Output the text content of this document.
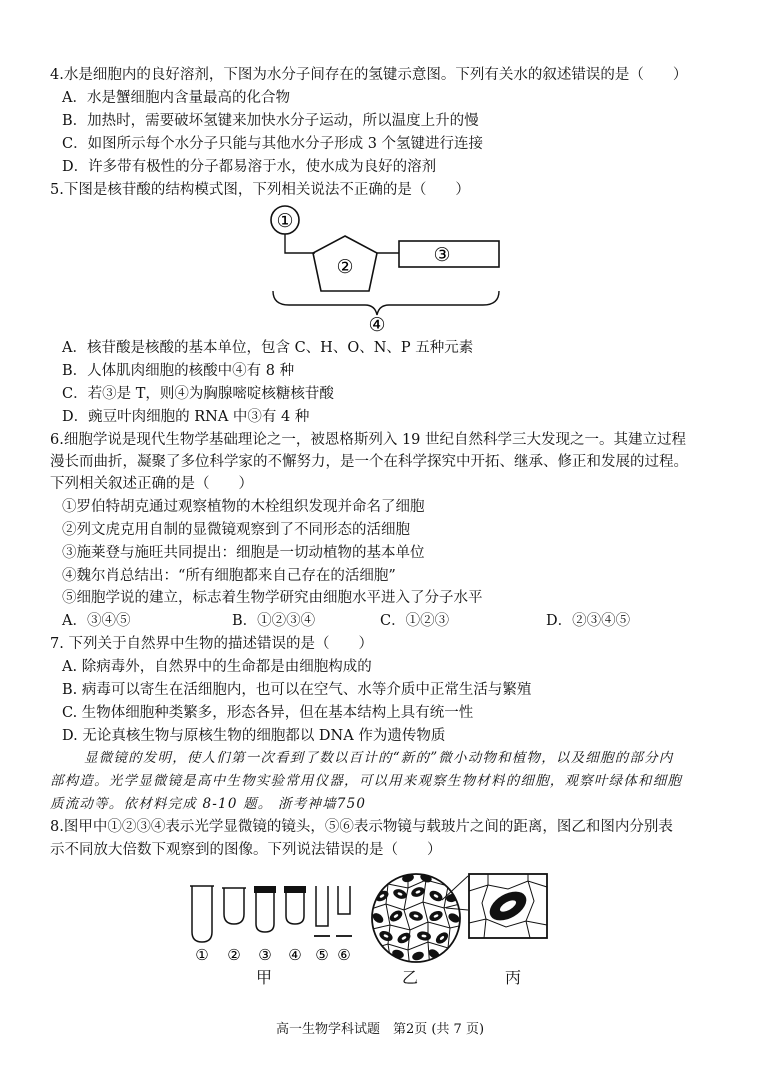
4.水是细胞内的良好溶剂，下图为水分子间存在的氢键示意图。下列有关水的叙述错误的是（　　）
A．水是蟹细胞内含量最高的化合物
B．加热时，需要破坏氢键来加快水分子运动，所以温度上升的慢
C．如图所示每个水分子只能与其他水分子形成 3 个氢键进行连接
D．许多带有极性的分子都易溶于水，使水成为良好的溶剂
5.下图是核苷酸的结构模式图，下列相关说法不正确的是（　　）
①
②
③
④
A．核苷酸是核酸的基本单位，包含 C、H、O、N、P 五种元素
B．人体肌肉细胞的核酸中④有 8 种
C．若③是 T，则④为胸腺嘧啶核糖核苷酸
D．豌豆叶肉细胞的 RNA 中③有 4 种
6.细胞学说是现代生物学基础理论之一，被恩格斯列入 19 世纪自然科学三大发现之一。其建立过程
漫长而曲折，凝聚了多位科学家的不懈努力，是一个在科学探究中开拓、继承、修正和发展的过程。
下列相关叙述正确的是（　　）
①罗伯特胡克通过观察植物的木栓组织发现并命名了细胞
②列文虎克用自制的显微镜观察到了不同形态的活细胞
③施莱登与施旺共同提出：细胞是一切动植物的基本单位
④魏尔肖总结出：“所有细胞都来自己存在的活细胞”
⑤细胞学说的建立，标志着生物学研究由细胞水平进入了分子水平
A．③④⑤	B．①②③④	C．①②③	D．②③④⑤
7. 下列关于自然界中生物的描述错误的是（　　）
A. 除病毒外，自然界中的生命都是由细胞构成的
B. 病毒可以寄生在活细胞内，也可以在空气、水等介质中正常生活与繁殖
C. 生物体细胞种类繁多，形态各异，但在基本结构上具有统一性
D. 无论真核生物与原核生物的细胞都以 DNA 作为遗传物质
显微镜的发明，使人们第一次看到了数以百计的“新的”微小动物和植物，以及细胞的部分内
部构造。光学显微镜是高中生物实验常用仪器，可以用来观察生物材料的细胞，观察叶绿体和细胞
质流动等。依材料完成 8-10 题。 浙考神墙750
8.图甲中①②③④表示光学显微镜的镜头，⑤⑥表示物镜与载玻片之间的距离，图乙和图内分别表
示不同放大倍数下观察到的图像。下列说法错误的是（　　）
① ② ③ ④ ⑤ ⑥
甲	乙	丙
高一生物学科试题　第2页 (共 7 页)
